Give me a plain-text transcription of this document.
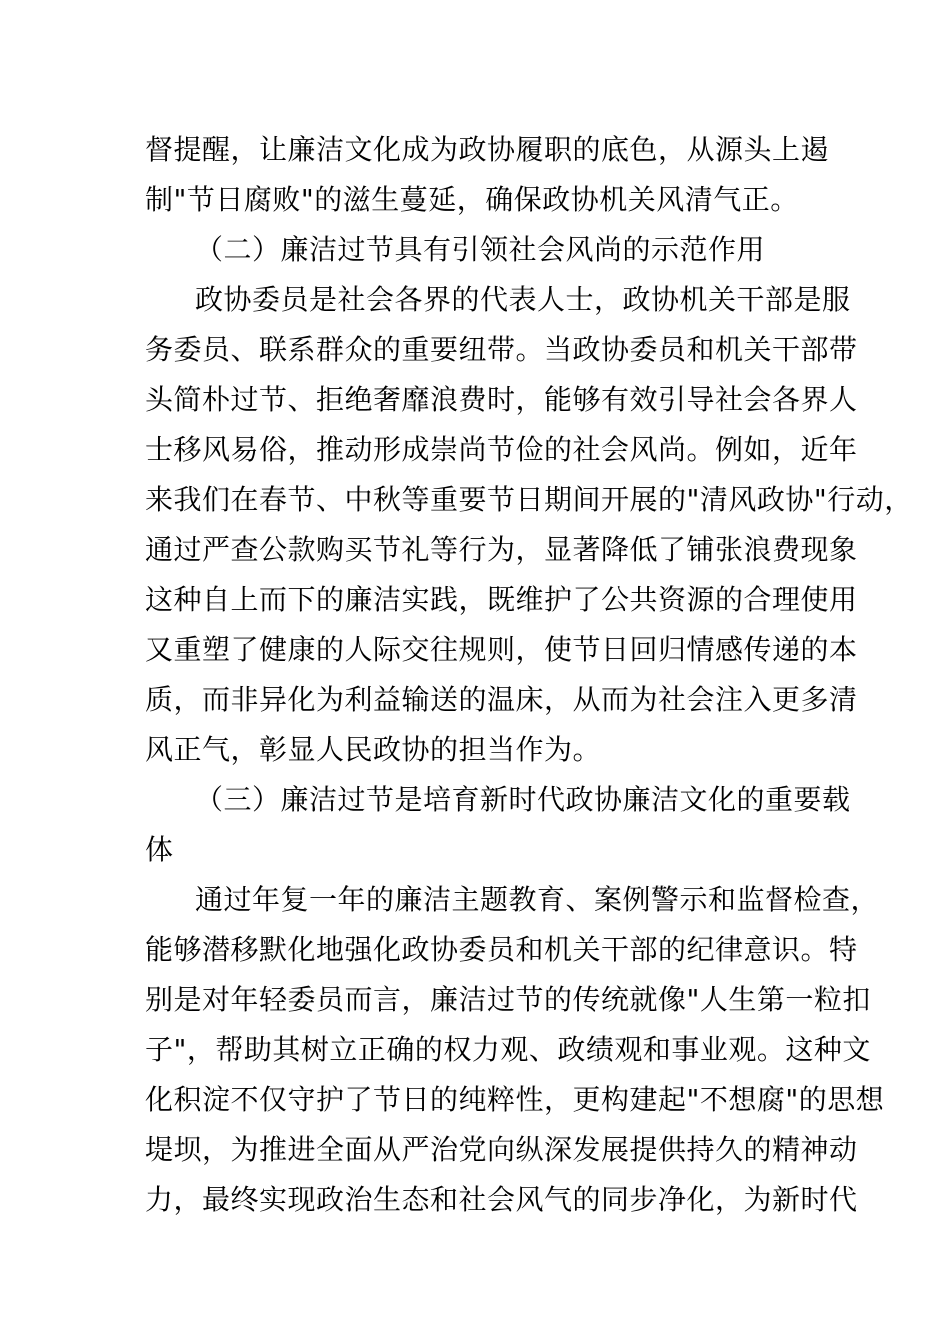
督提醒，让廉洁文化成为政协履职的底色，从源头上遏
制"节日腐败"的滋生蔓延，确保政协机关风清气正。
（二）廉洁过节具有引领社会风尚的示范作用
政协委员是社会各界的代表人士，政协机关干部是服
务委员、联系群众的重要纽带。当政协委员和机关干部带
头简朴过节、拒绝奢靡浪费时，能够有效引导社会各界人
士移风易俗，推动形成崇尚节俭的社会风尚。例如，近年
来我们在春节、中秋等重要节日期间开展的"清风政协"行动，
通过严查公款购买节礼等行为，显著降低了铺张浪费现象
这种自上而下的廉洁实践，既维护了公共资源的合理使用
又重塑了健康的人际交往规则，使节日回归情感传递的本
质，而非异化为利益输送的温床，从而为社会注入更多清
风正气，彰显人民政协的担当作为。
（三）廉洁过节是培育新时代政协廉洁文化的重要载
体
通过年复一年的廉洁主题教育、案例警示和监督检查，
能够潜移默化地强化政协委员和机关干部的纪律意识。特
别是对年轻委员而言，廉洁过节的传统就像"人生第一粒扣
子"，帮助其树立正确的权力观、政绩观和事业观。这种文
化积淀不仅守护了节日的纯粹性，更构建起"不想腐"的思想
堤坝，为推进全面从严治党向纵深发展提供持久的精神动
力，最终实现政治生态和社会风气的同步净化，为新时代
